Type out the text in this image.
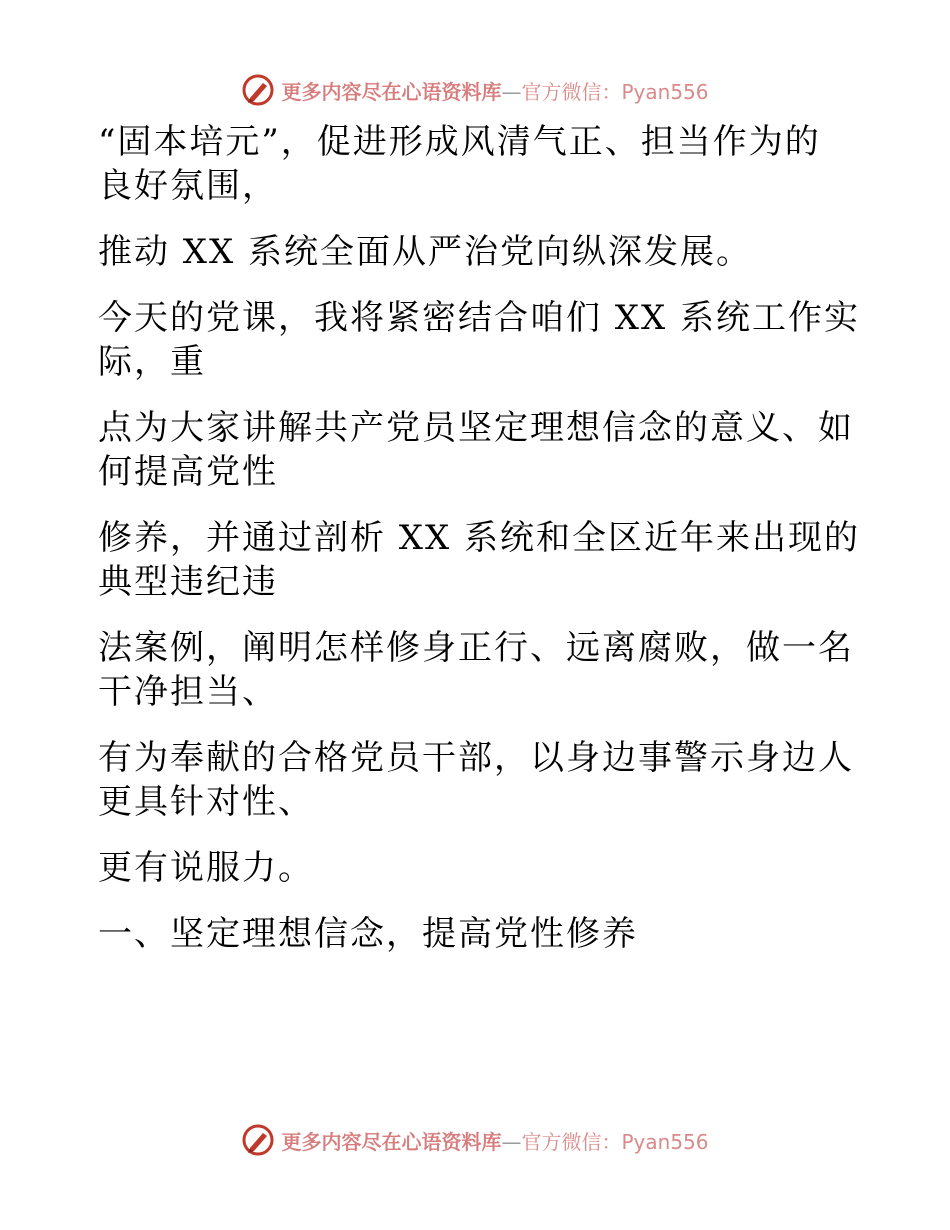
更多内容尽在心语资料库—官方微信：Pyan556

“固本培元”，促进形成风清气正、担当作为的
良好氛围，

推动 XX 系统全面从严治党向纵深发展。

今天的党课，我将紧密结合咱们 XX 系统工作实
际，重

点为大家讲解共产党员坚定理想信念的意义、如
何提高党性

修养，并通过剖析 XX 系统和全区近年来出现的
典型违纪违

法案例，阐明怎样修身正行、远离腐败，做一名
干净担当、

有为奉献的合格党员干部，以身边事警示身边人
更具针对性、

更有说服力。

一、坚定理想信念，提高党性修养
更多内容尽在心语资料库—官方微信：Pyan556
